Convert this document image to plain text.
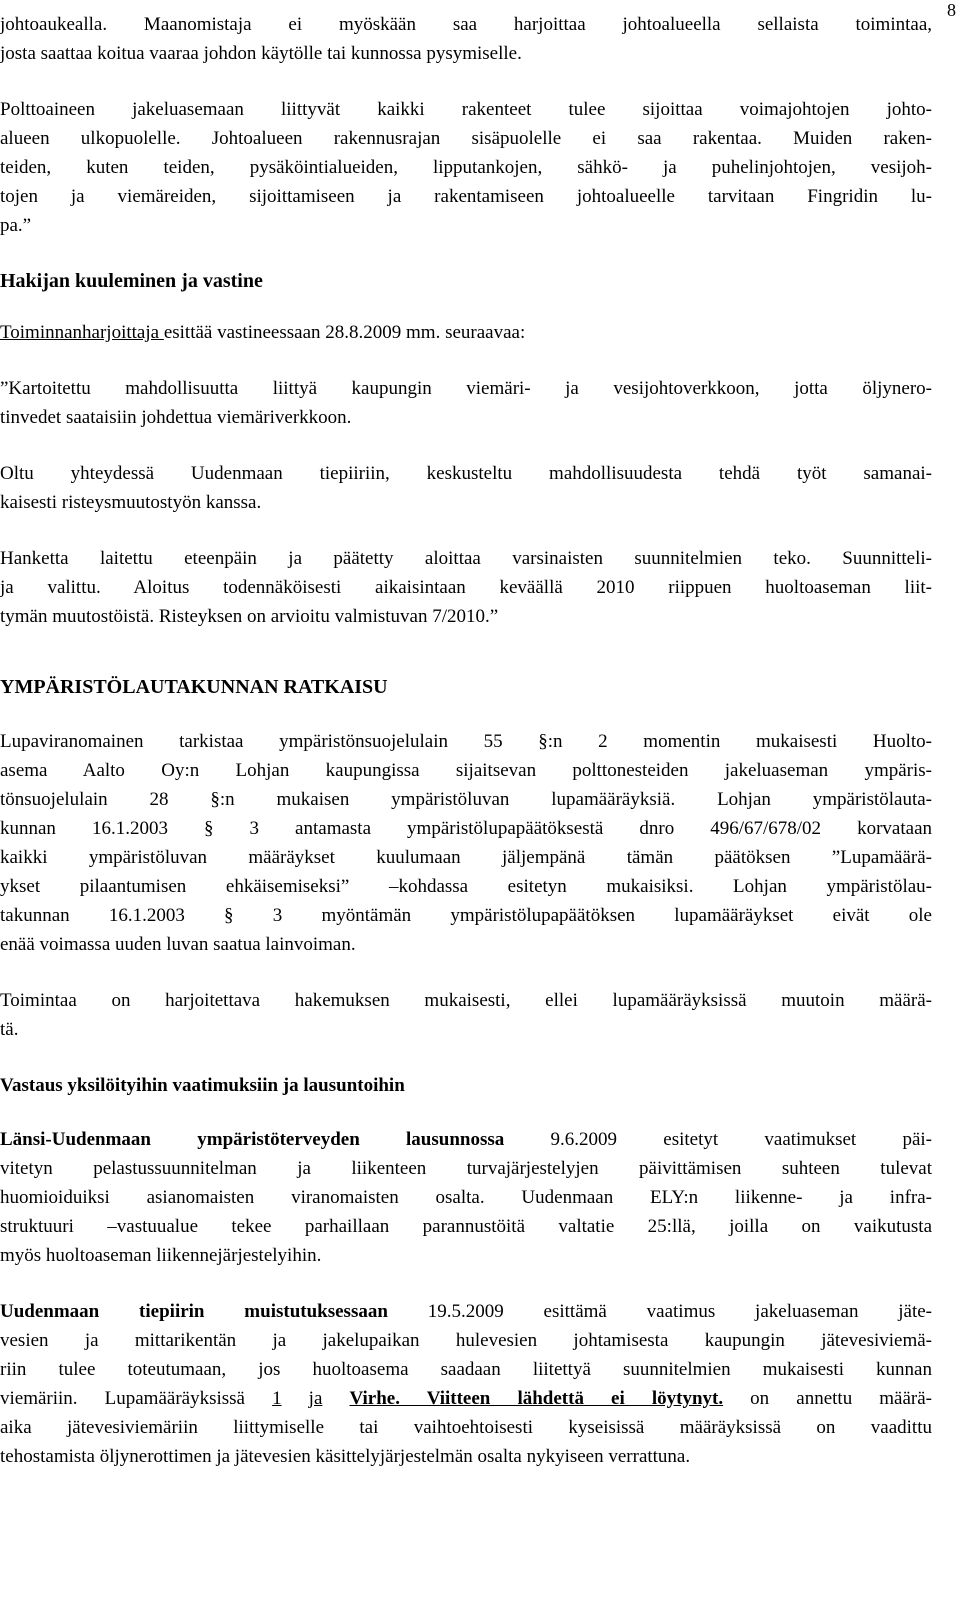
8
johtoaukealla. Maanomistaja ei myöskään saa harjoittaa johtoalueella sellaista toimintaa,
josta saattaa koitua vaaraa johdon käytölle tai kunnossa pysymiselle.
Polttoaineen jakeluasemaan liittyvät kaikki rakenteet tulee sijoittaa voimajohtojen johto-
alueen ulkopuolelle. Johtoalueen rakennusrajan sisäpuolelle ei saa rakentaa. Muiden raken-
teiden, kuten teiden, pysäköintialueiden, lipputankojen, sähkö- ja puhelinjohtojen, vesijoh-
tojen ja viemäreiden, sijoittamiseen ja rakentamiseen johtoalueelle tarvitaan Fingridin lu-
pa.”
Hakijan kuuleminen ja vastine
Toiminnanharjoittaja esittää vastineessaan 28.8.2009 mm. seuraavaa:
”Kartoitettu mahdollisuutta liittyä kaupungin viemäri- ja vesijohtoverkkoon, jotta öljynero-
tinvedet saataisiin johdettua viemäriverkkoon.
Oltu yhteydessä Uudenmaan tiepiiriin, keskusteltu mahdollisuudesta tehdä työt samanai-
kaisesti risteysmuutostyön kanssa.
Hanketta laitettu eteenpäin ja päätetty aloittaa varsinaisten suunnitelmien teko. Suunnitteli-
ja valittu. Aloitus todennäköisesti aikaisintaan keväällä 2010 riippuen huoltoaseman liit-
tymän muutostöistä. Risteyksen on arvioitu valmistuvan 7/2010.”
YMPÄRISTÖLAUTAKUNNAN RATKAISU
Lupaviranomainen tarkistaa ympäristönsuojelulain 55 §:n 2 momentin mukaisesti Huolto-
asema Aalto Oy:n Lohjan kaupungissa sijaitsevan polttonesteiden jakeluaseman ympäris-
tönsuojelulain 28 §:n mukaisen ympäristöluvan lupamääräyksiä. Lohjan ympäristölauta-
kunnan 16.1.2003 § 3 antamasta ympäristölupapäätöksestä dnro 496/67/678/02 korvataan
kaikki ympäristöluvan määräykset kuulumaan jäljempänä tämän päätöksen ”Lupamäärä-
ykset pilaantumisen ehkäisemiseksi” –kohdassa esitetyn mukaisiksi. Lohjan ympäristölau-
takunnan 16.1.2003 § 3 myöntämän ympäristölupapäätöksen lupamääräykset eivät ole
enää voimassa uuden luvan saatua lainvoiman.
Toimintaa on harjoitettava hakemuksen mukaisesti, ellei lupamääräyksissä muutoin määrä-
tä.
Vastaus yksilöityihin vaatimuksiin ja lausuntoihin
Länsi-Uudenmaan ympäristöterveyden lausunnossa 9.6.2009 esitetyt vaatimukset päi-
vitetyn pelastussuunnitelman ja liikenteen turvajärjestelyjen päivittämisen suhteen tulevat
huomioiduiksi asianomaisten viranomaisten osalta. Uudenmaan ELY:n liikenne- ja infra-
struktuuri –vastuualue tekee parhaillaan parannustöitä valtatie 25:llä, joilla on vaikutusta
myös huoltoaseman liikennejärjestelyihin.
Uudenmaan tiepiirin muistutuksessaan 19.5.2009 esittämä vaatimus jakeluaseman jäte-
vesien ja mittarikentän ja jakelupaikan hulevesien johtamisesta kaupungin jätevesiviemä-
riin tulee toteutumaan, jos huoltoasema saadaan liitettyä suunnitelmien mukaisesti kunnan
viemäriin. Lupamääräyksissä 1 ja Virhe. Viitteen lähdettä ei löytynyt. on annettu määrä-
aika jätevesiviemäriin liittymiselle tai vaihtoehtoisesti kyseisissä määräyksissä on vaadittu
tehostamista öljynerottimen ja jätevesien käsittelyjärjestelmän osalta nykyiseen verrattuna.
